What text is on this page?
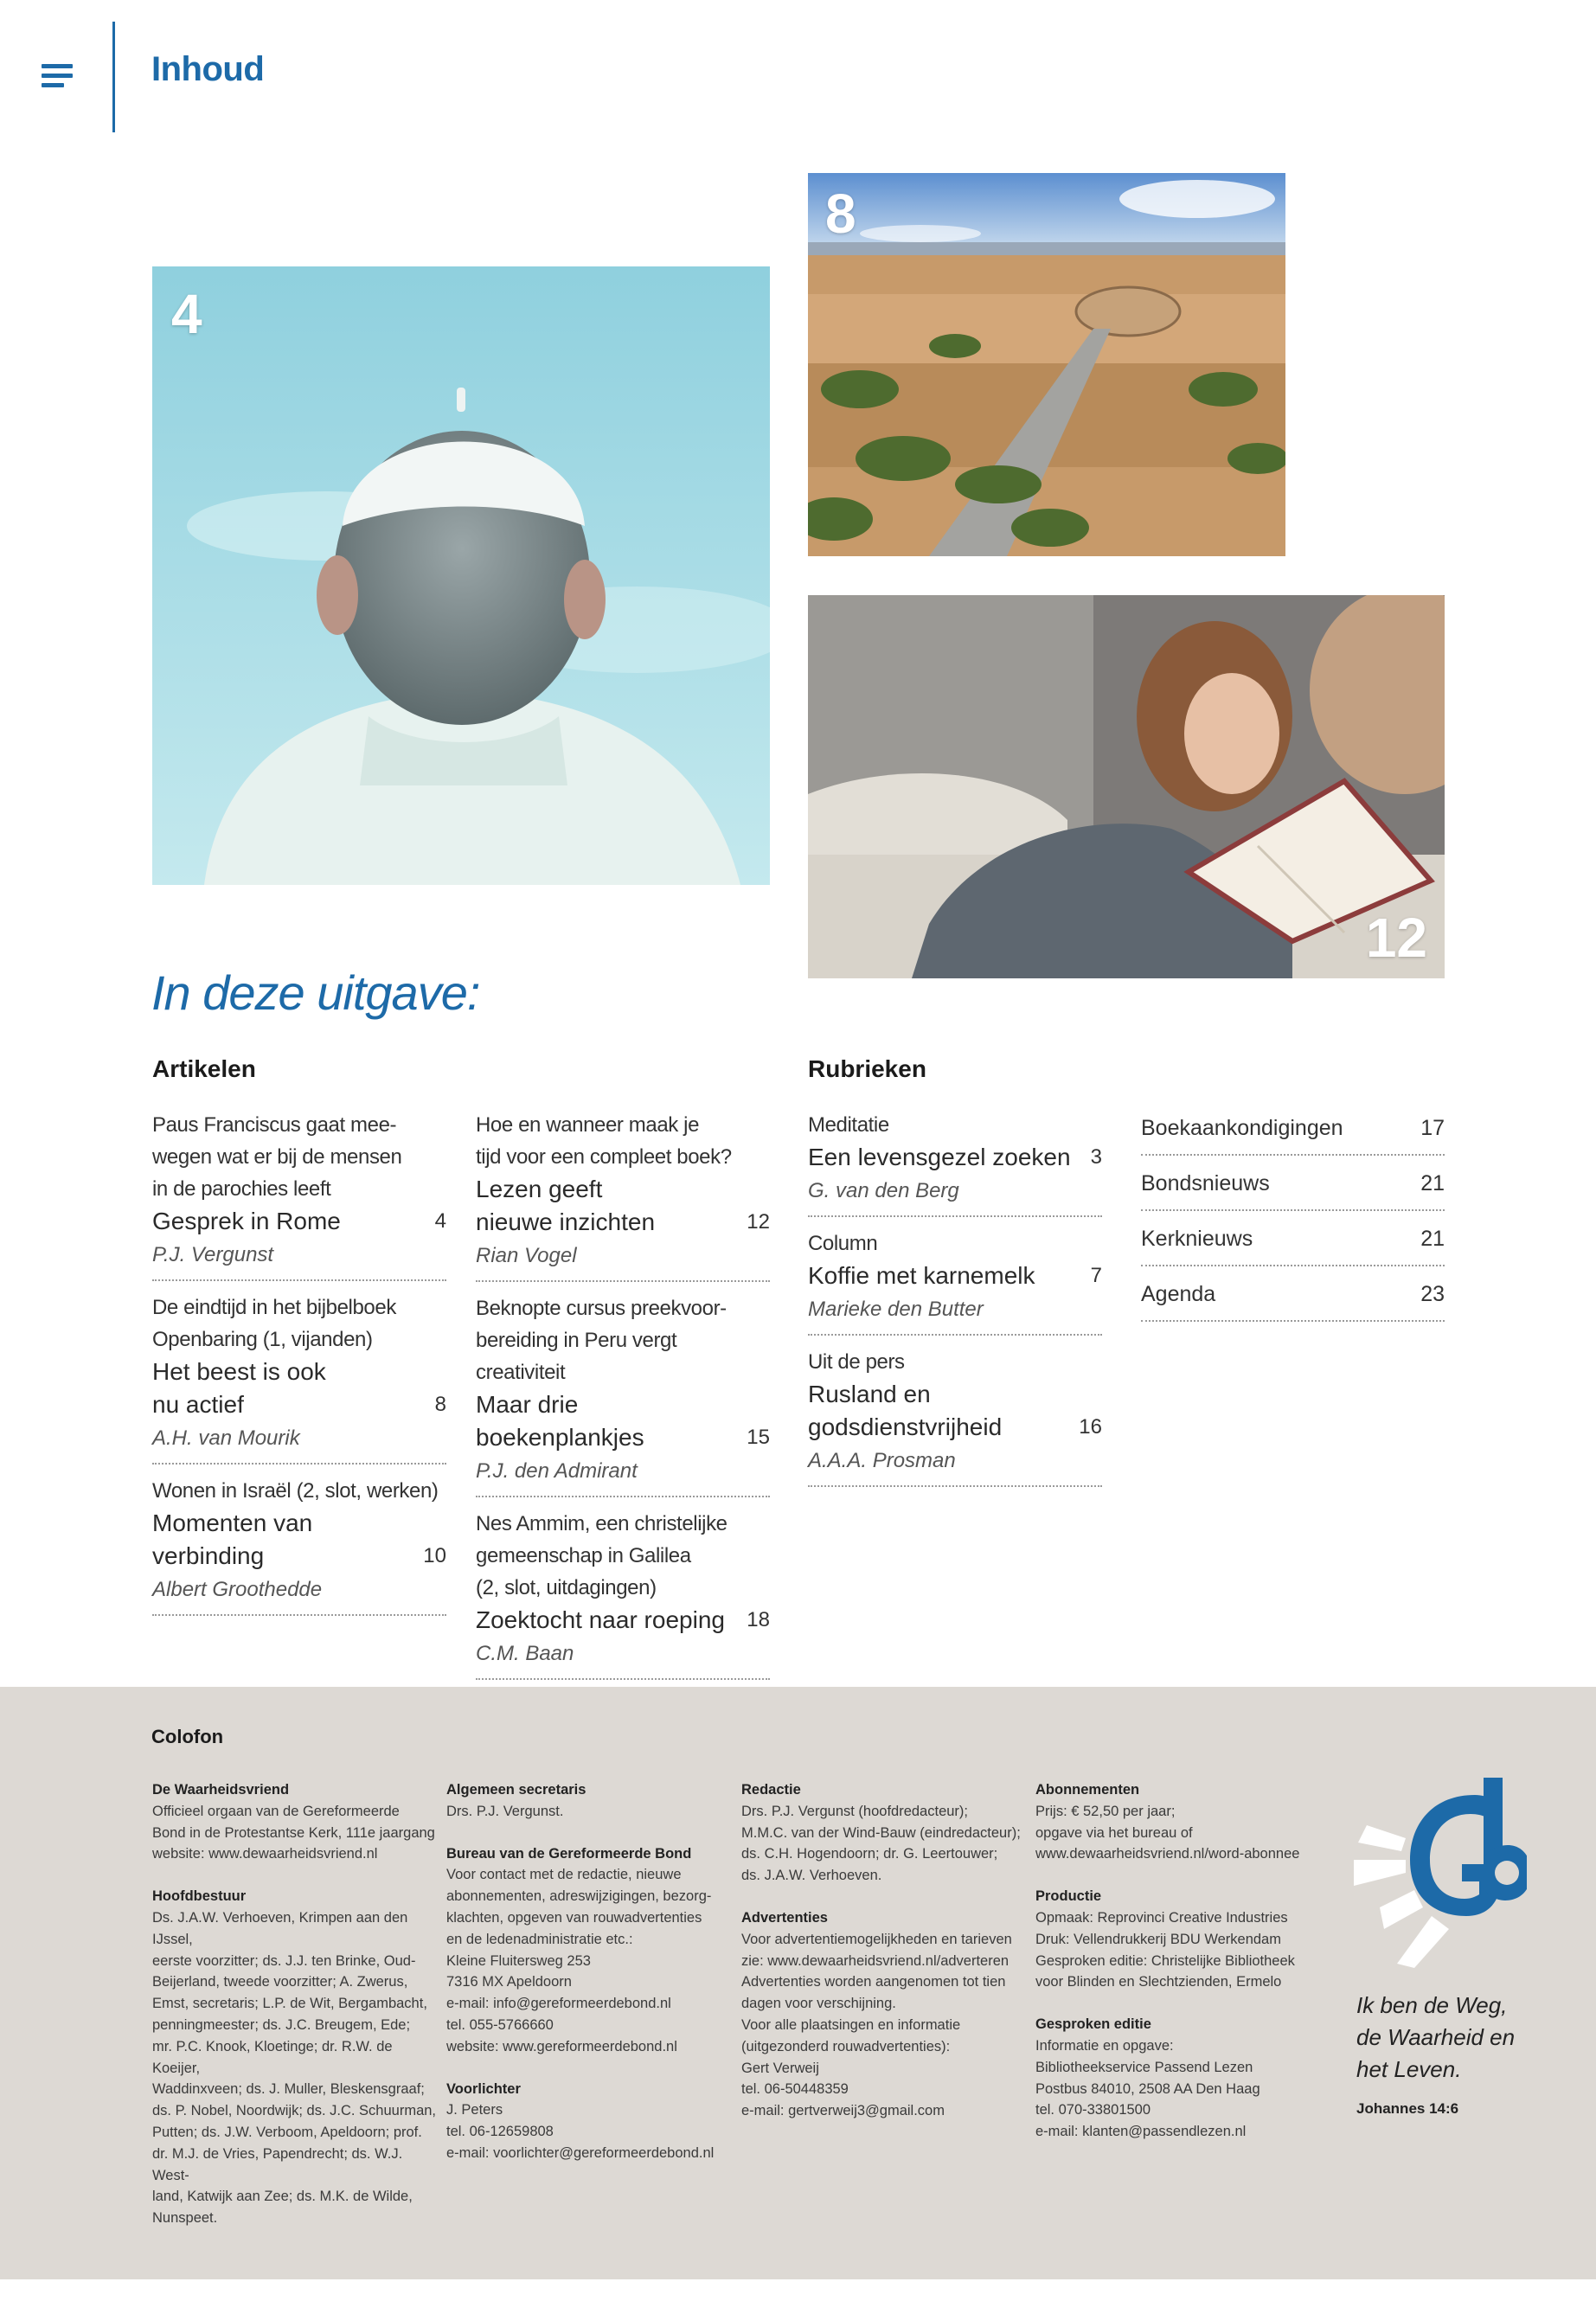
Inhoud
4
8
12
In deze uitgave:
Artikelen	Rubrieken
Paus Franciscus gaat mee-
wegen wat er bij de mensen
in de parochies leeft
Gesprek in Rome	4
P.J. Vergunst
De eindtijd in het bijbelboek
Openbaring (1, vijanden)
Het beest is ook
nu actief	8
A.H. van Mourik
Wonen in Israël (2, slot, werken)
Momenten van
verbinding	10
Albert Groothedde
Hoe en wanneer maak je
tijd voor een compleet boek?
Lezen geeft
nieuwe inzichten	12
Rian Vogel
Beknopte cursus preekvoor-
bereiding in Peru vergt creativiteit
Maar drie
boekenplankjes	15
P.J. den Admirant
Nes Ammim, een christelijke
gemeenschap in Galilea
(2, slot, uitdagingen)
Zoektocht naar roeping 18
C.M. Baan
Meditatie
Een levensgezel zoeken 3
G. van den Berg
Column
Koffie met karnemelk	7
Marieke den Butter
Uit de pers
Rusland en
godsdienstvrijheid	16
A.A.A. Prosman
Boekaankondigingen	17
Bondsnieuws	21
Kerknieuws	21
Agenda	23
Colofon
De Waarheidsvriend
Officieel orgaan van de Gereformeerde
Bond in de Protestantse Kerk, 111e jaargang
website: www.dewaarheidsvriend.nl
Hoofdbestuur
Ds. J.A.W. Verhoeven, Krimpen aan den IJssel,
eerste voorzitter; ds. J.J. ten Brinke, Oud-
Beijerland, tweede voorzitter; A. Zwerus,
Emst, secretaris; L.P. de Wit, Bergambacht,
penningmeester; ds. J.C. Breugem, Ede;
mr. P.C. Knook, Kloetinge; dr. R.W. de Koeijer,
Waddinxveen; ds. J. Muller, Bleskensgraaf;
ds. P. Nobel, Noordwijk; ds. J.C. Schuurman,
Putten; ds. J.W. Verboom, Apeldoorn; prof.
dr. M.J. de Vries, Papendrecht; ds. W.J. West-
land, Katwijk aan Zee; ds. M.K. de Wilde,
Nunspeet.
Algemeen secretaris
Drs. P.J. Vergunst.
Bureau van de Gereformeerde Bond
Voor contact met de redactie, nieuwe
abonnementen, adreswijzigingen, bezorg-
klachten, opgeven van rouwadvertenties
en de ledenadministratie etc.:
Kleine Fluitersweg 253
7316 MX Apeldoorn
e-mail: info@gereformeerdebond.nl
tel. 055-5766660
website: www.gereformeerdebond.nl
Voorlichter
J. Peters
tel. 06-12659808
e-mail: voorlichter@gereformeerdebond.nl
Redactie
Drs. P.J. Vergunst (hoofdredacteur);
M.M.C. van der Wind-Bauw (eindredacteur);
ds. C.H. Hogendoorn; dr. G. Leertouwer;
ds. J.A.W. Verhoeven.
Advertenties
Voor advertentiemogelijkheden en tarieven
zie: www.dewaarheidsvriend.nl/adverteren
Advertenties worden aangenomen tot tien
dagen voor verschijning.
Voor alle plaatsingen en informatie
(uitgezonderd rouwadvertenties):
Gert Verweij
tel. 06-50448359
e-mail: gertverweij3@gmail.com
Abonnementen
Prijs: € 52,50 per jaar;
opgave via het bureau of
www.dewaarheidsvriend.nl/word-abonnee
Productie
Opmaak: Reprovinci Creative Industries
Druk: Vellendrukkerij BDU Werkendam
Gesproken editie: Christelijke Bibliotheek
voor Blinden en Slechtzienden, Ermelo
Gesproken editie
Informatie en opgave:
Bibliotheekservice Passend Lezen
Postbus 84010, 2508 AA Den Haag
tel. 070-33801500
e-mail: klanten@passendlezen.nl
Ik ben de Weg,
de Waarheid en
het Leven.
Johannes 14:6
